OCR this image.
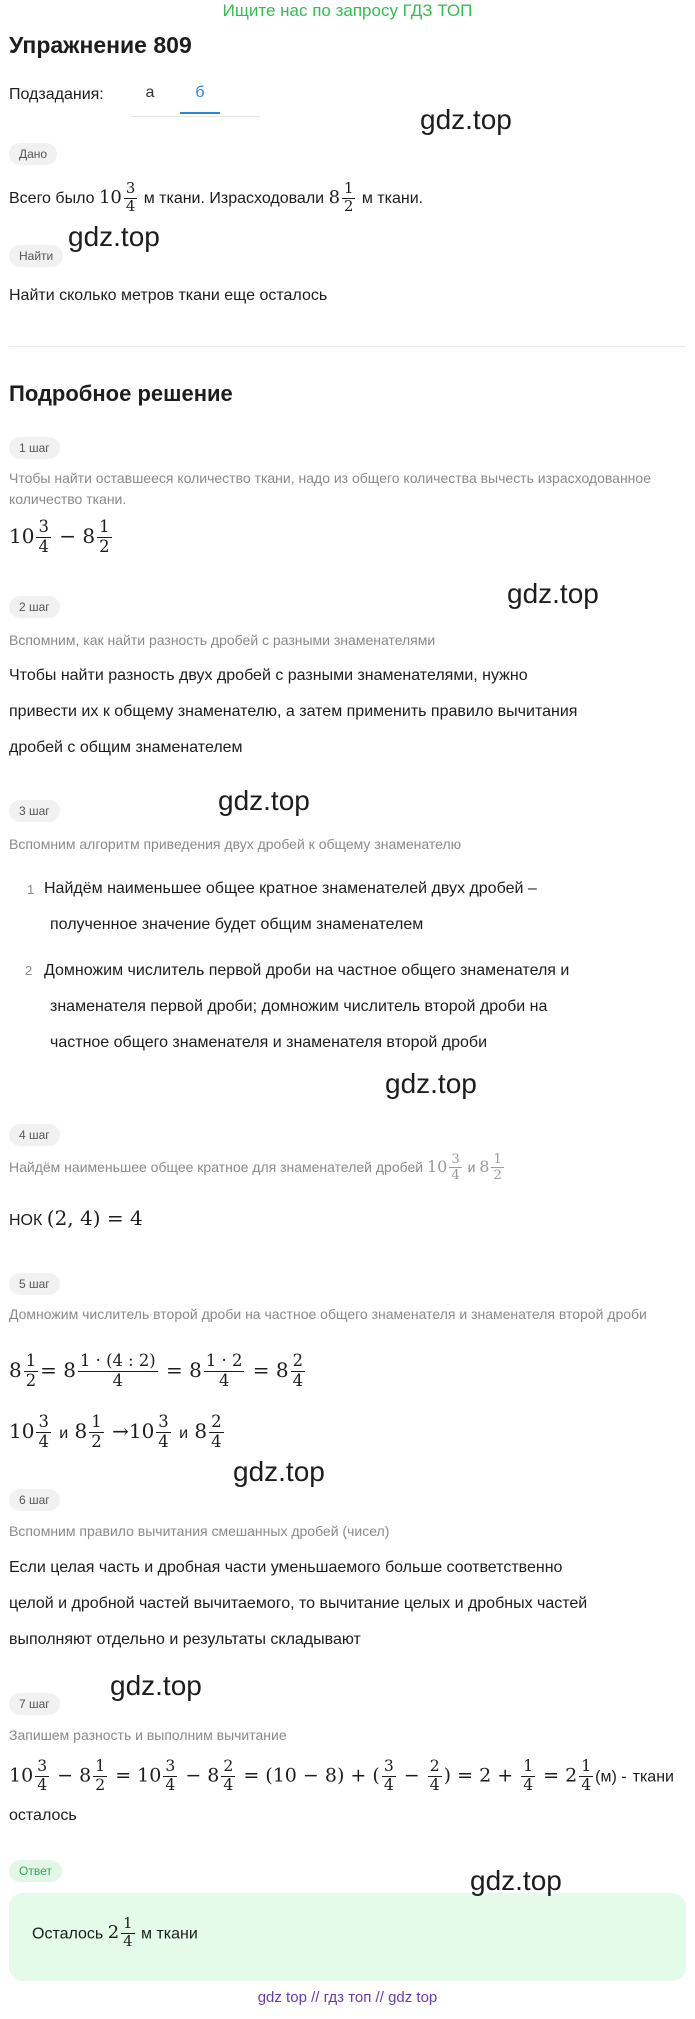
Ищите нас по запросу ГДЗ ТОП
Упражнение 809
Подзадания:	а	б
Дано
Всего было $10 \frac{3}{4}$ м ткани. Израсходовали $8 \frac{1}{2}$ м ткани.
gdz.top
gdz.top
Найти
Найти сколько метров ткани еще осталось
Подробное решение
1 шаг
Чтобы найти оставшееся количество ткани, надо из общего количества вычесть израсходованное количество ткани.
$10 \frac{3}{4} - 8 \frac{1}{2}$
gdz.top
2 шаг
Вспомним, как найти разность дробей с разными знаменателями
Чтобы найти разность двух дробей с разными знаменателями, нужно
привести их к общему знаменателю, а затем применить правило вычитания
дробей с общим знаменателем
gdz.top
3 шаг
Вспомним алгоритм приведения двух дробей к общему знаменателю
1 Найдём наименьшее общее кратное знаменателей двух дробей –
полученное значение будет общим знаменателем
2 Домножим числитель первой дроби на частное общего знаменателя и
знаменателя первой дроби; домножим числитель второй дроби на
частное общего знаменателя и знаменателя второй дроби
gdz.top
4 шаг
Найдём наименьшее общее кратное для знаменателей дробей $10 \frac{3}{4}$ и $8 \frac{1}{2}$
НОК (2, 4) = 4
5 шаг
Домножим числитель второй дроби на частное общего знаменателя и знаменателя второй дроби
$8 \frac{1}{2} = 8 \frac{1 \cdot (4 : 2)}{4} = 8 \frac{1 \cdot 2}{4} = 8 \frac{2}{4}$
$10 \frac{3}{4}$ и $8 \frac{1}{2} \to 10 \frac{3}{4}$ и $8 \frac{2}{4}$
gdz.top
6 шаг
Вспомним правило вычитания смешанных дробей (чисел)
Если целая часть и дробная части уменьшаемого больше соответственно
целой и дробной частей вычитаемого, то вычитание целых и дробных частей
выполняют отдельно и результаты складывают
gdz.top
7 шаг
Запишем разность и выполним вычитание
$10 \frac{3}{4} - 8 \frac{1}{2} = 10 \frac{3}{4} - 8 \frac{2}{4} = (10 - 8)$ + ( $\frac{3}{4} - \frac{2}{4}$ ) = $2 + \frac{1}{4} = 2 \frac{1}{4} (м)$ - ткани
осталось
Ответ	gdz.top
Осталось $2 \frac{1}{4}$ м ткани
gdz top // гдз топ // gdz top
